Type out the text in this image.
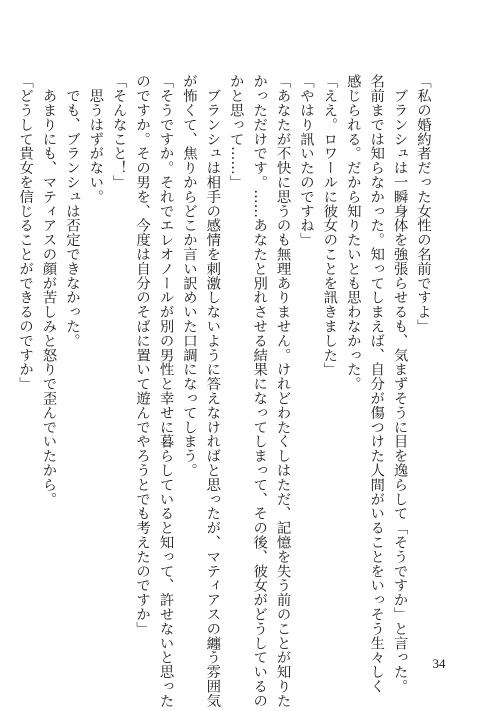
「私の婚約者だった女性の名前ですよ」
　ブランシュは一瞬身体を強張らせるも、気まずそうに目を逸らして「そうですか」と言った。
名前までは知らなかった。知ってしまえば、自分が傷つけた人間がいることをいっそう生々しく
感じられる。だから知りたいとも思わなかった。
「ええ。ロワールに彼女のことを訊きました」
「やはり訊いたのですね」
「あなたが不快に思うのも無理ありません。けれどわたくしはただ、記憶を失う前のことが知りた
かっただけです。……あなたと別れさせる結果になってしまって、その後、彼女がどうしているの
かと思って……」
　ブランシュは相手の感情を刺激しないように答えなければと思ったが、マティアスの纏う雰囲気
が怖くて、焦りからどこか言い訳めいた口調になってしまう。
「そうですか。それでエレオノールが別の男性と幸せに暮らしていると知って、許せないと思った
のですか。その男を、今度は自分のそばに置いて遊んでやろうとでも考えたのですか」
「そんなこと！」
　思うはずがない。
　でも、ブランシュは否定できなかった。
　あまりにも、マティアスの顔が苦しみと怒りで歪んでいたから。
「どうして貴女を信じることができるのですか」
34
